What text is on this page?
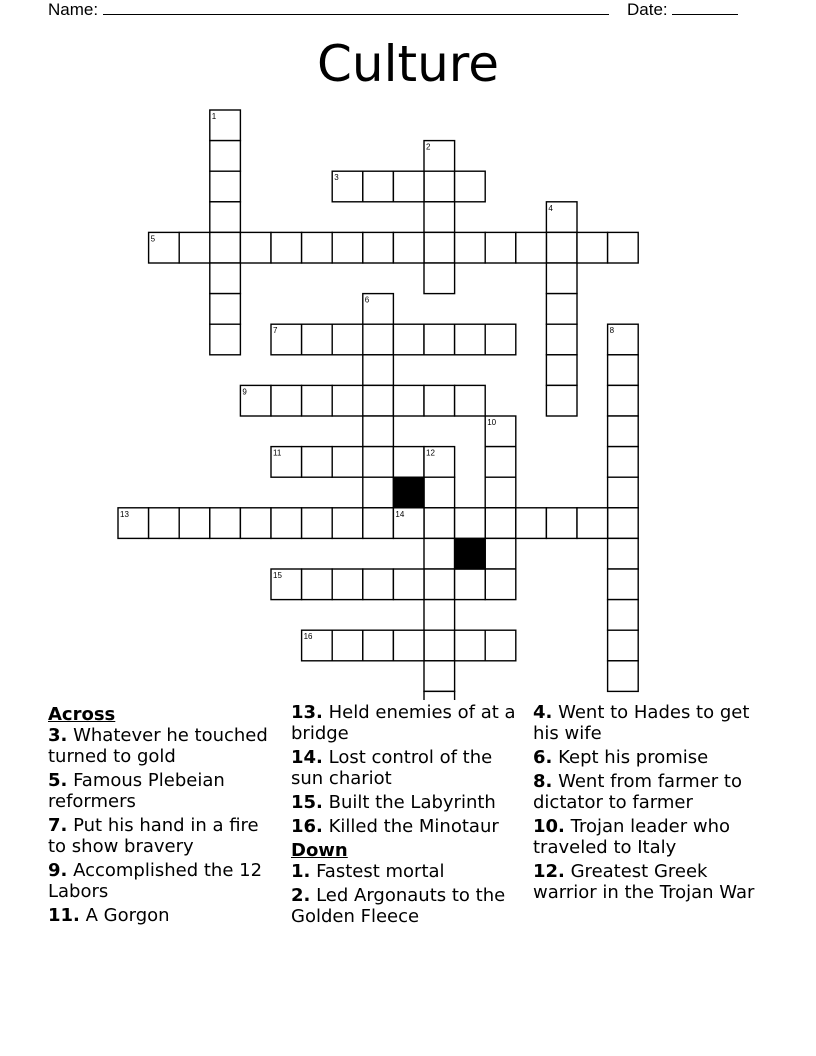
Name:	Date:
Culture
1
2
3
4
5
6
7	8
9
10
11	12
13	14
15
16
Across
3. Whatever he touched turned to gold
5. Famous Plebeian reformers
7. Put his hand in a fire to show bravery
9. Accomplished the 12 Labors
11. A Gorgon
13. Held enemies of at a bridge
14. Lost control of the sun chariot
15. Built the Labyrinth
16. Killed the Minotaur
Down
1. Fastest mortal
2. Led Argonauts to the Golden Fleece
4. Went to Hades to get his wife
6. Kept his promise
8. Went from farmer to dictator to farmer
10. Trojan leader who traveled to Italy
12. Greatest Greek warrior in the Trojan War
